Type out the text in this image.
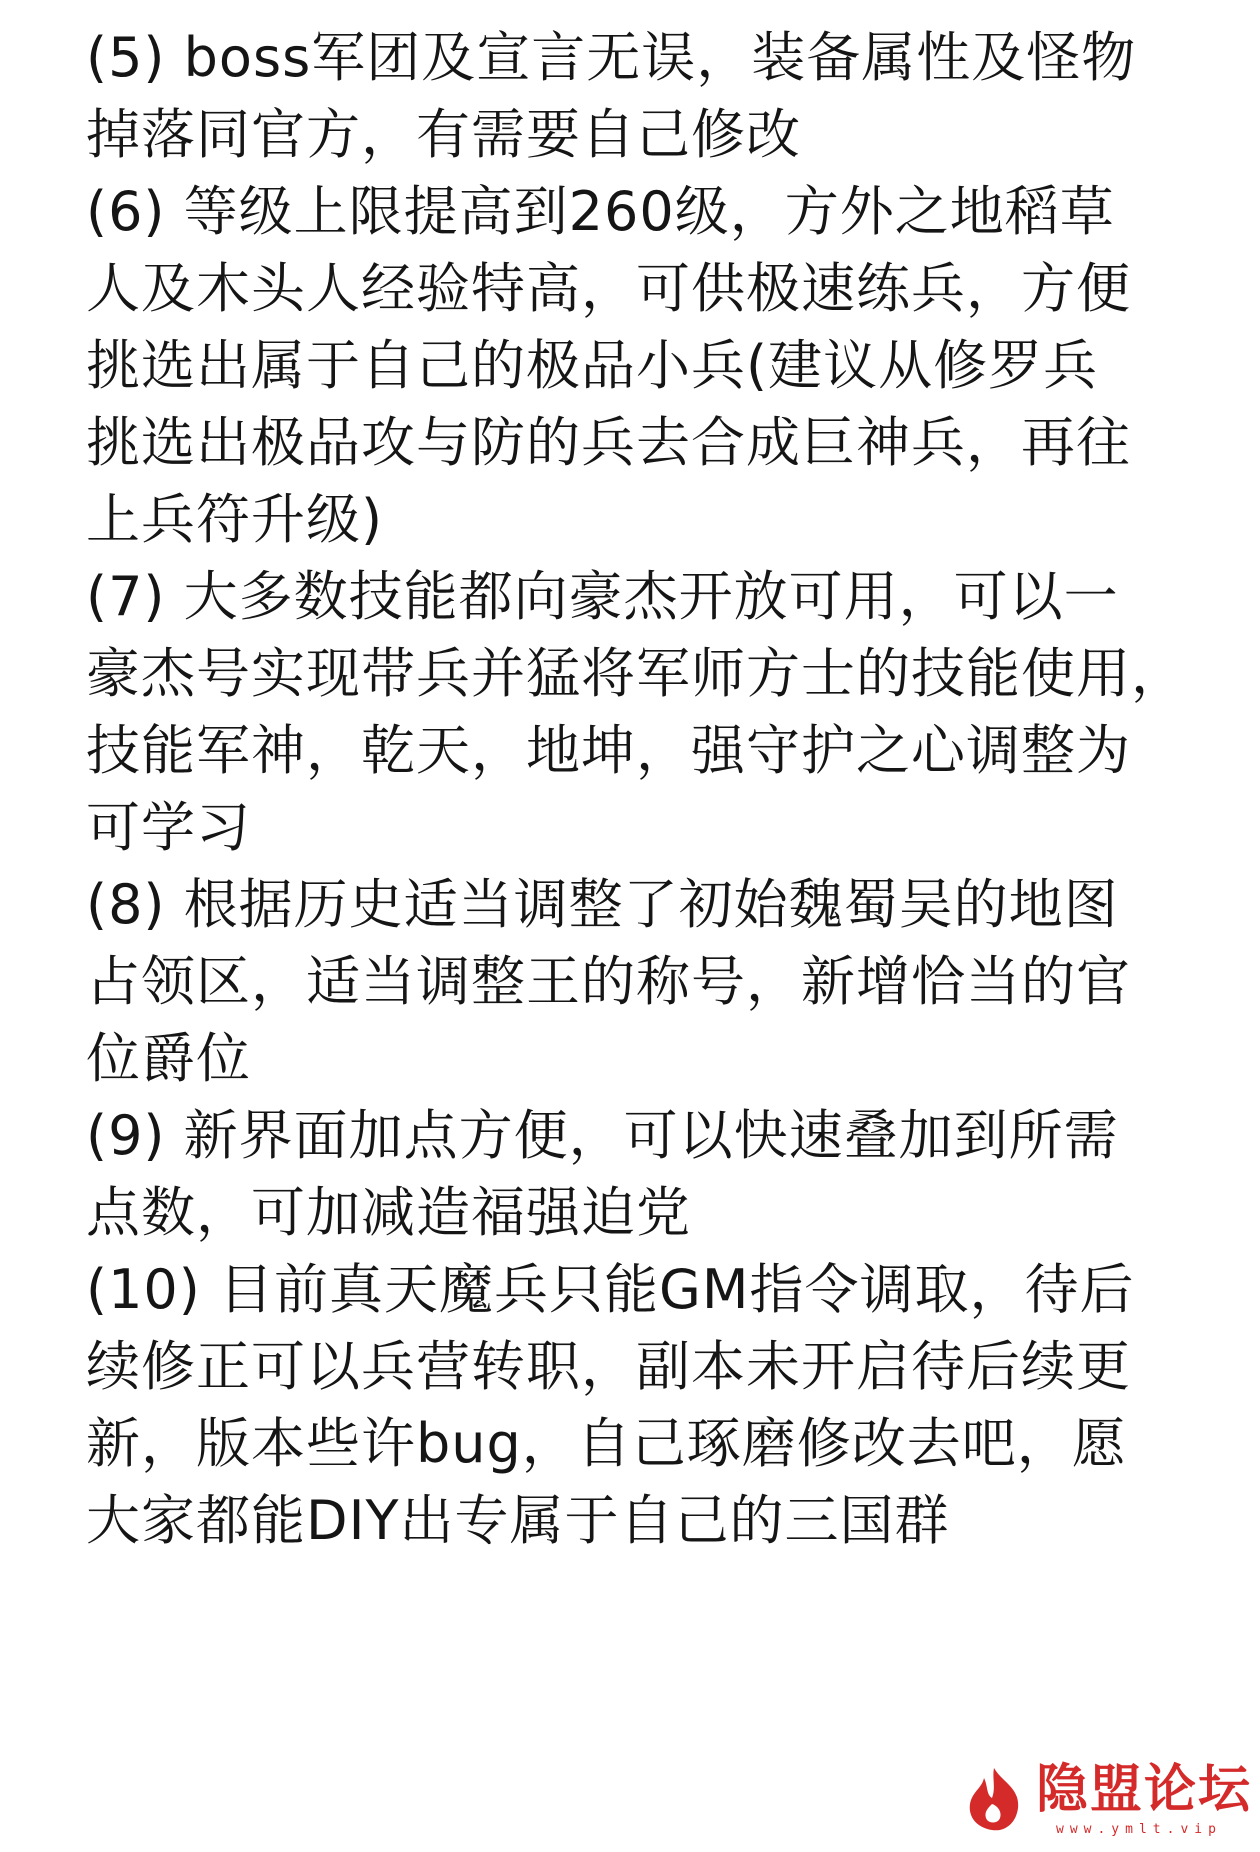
(5) boss军团及宣言无误，装备属性及怪物
掉落同官方，有需要自己修改
(6) 等级上限提高到260级，方外之地稻草
人及木头人经验特高，可供极速练兵，方便
挑选出属于自己的极品小兵(建议从修罗兵
挑选出极品攻与防的兵去合成巨神兵，再往
上兵符升级)
(7) 大多数技能都向豪杰开放可用，可以一
豪杰号实现带兵并猛将军师方士的技能使用，
技能军神，乾天，地坤，强守护之心调整为
可学习
(8) 根据历史适当调整了初始魏蜀吴的地图
占领区，适当调整王的称号，新增恰当的官
位爵位
(9) 新界面加点方便，可以快速叠加到所需
点数，可加减造福强迫党
(10) 目前真天魔兵只能GM指令调取，待后
续修正可以兵营转职，副本未开启待后续更
新，版本些许bug，自己琢磨修改去吧，愿
大家都能DIY出专属于自己的三国群
隐盟论坛
www.ymlt.vip
